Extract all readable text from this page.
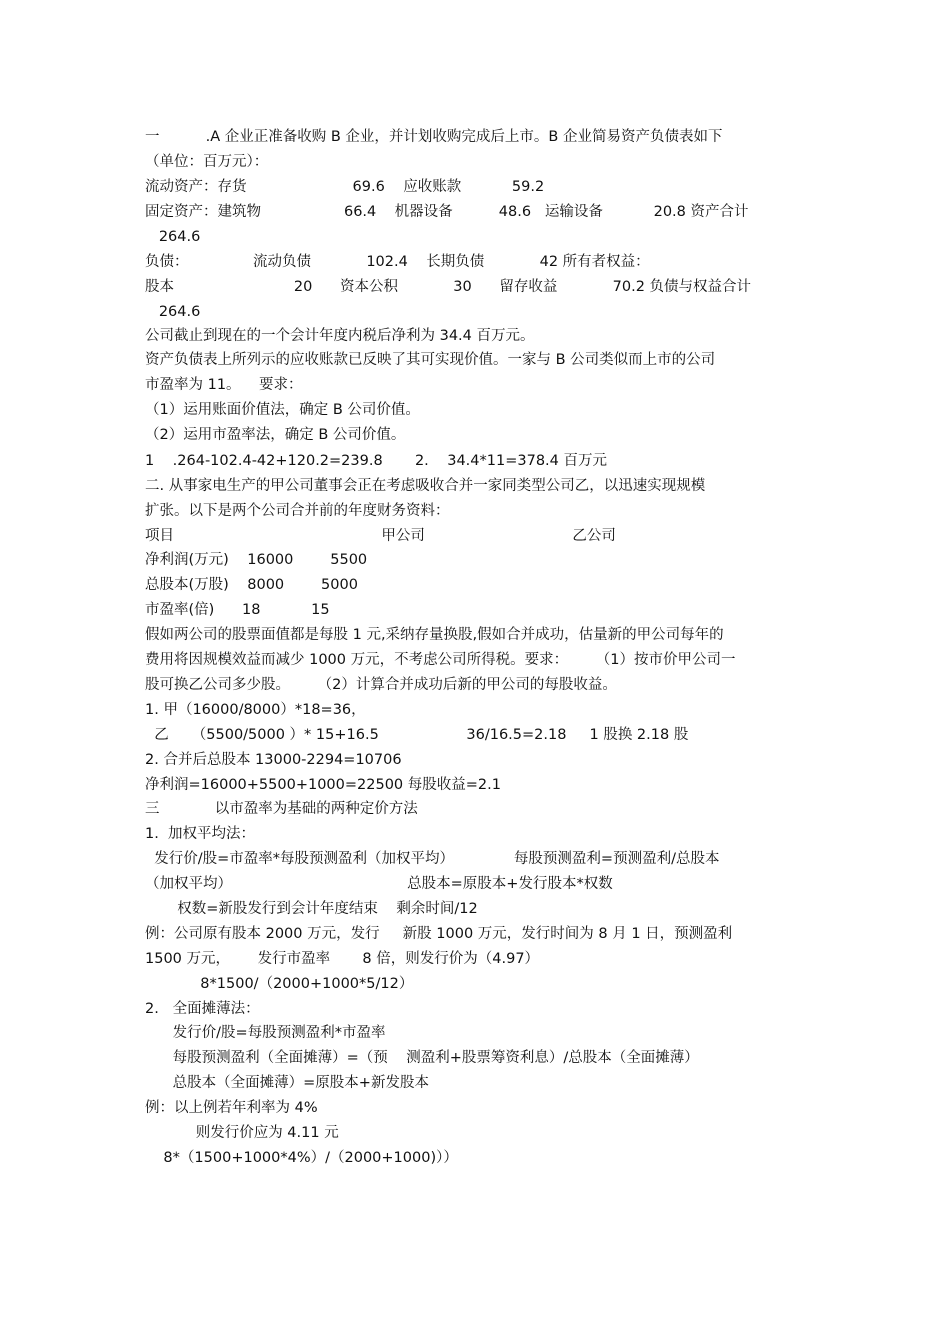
一          .A 企业正准备收购 B 企业，并计划收购完成后上市。B 企业简易资产负债表如下
（单位：百万元）：
流动资产：存货                       69.6    应收账款           59.2
固定资产：建筑物                  66.4    机器设备          48.6   运输设备           20.8 资产合计
264.6
负债：              流动负债            102.4    长期负债            42 所有者权益：
股本                          20      资本公积            30      留存收益            70.2 负债与权益合计
264.6
公司截止到现在的一个会计年度内税后净利为 34.4 百万元。
资产负债表上所列示的应收账款已反映了其可实现价值。一家与 B 公司类似而上市的公司
市盈率为 11。    要求：
（1）运用账面价值法，确定 B 公司价值。
（2）运用市盈率法，确定 B 公司价值。
1    .264-102.4-42+120.2=239.8       2.    34.4*11=378.4 百万元
二. 从事家电生产的甲公司董事会正在考虑吸收合并一家同类型公司乙，以迅速实现规模
扩张。以下是两个公司合并前的年度财务资料：
项目                                             甲公司                                乙公司
净利润(万元)    16000        5500
总股本(万股)    8000        5000
市盈率(倍)      18           15
假如两公司的股票面值都是每股 1 元,采纳存量换股,假如合并成功，估量新的甲公司每年的
费用将因规模效益而减少 1000 万元，不考虑公司所得税。要求：      （1）按市价甲公司一
股可换乙公司多少股。      （2）计算合并成功后新的甲公司的每股收益。
1. 甲（16000/8000）*18=36，
乙     （5500/5000 ）* 15+16.5                   36/16.5=2.18     1 股换 2.18 股
2. 合并后总股本 13000-2294=10706
净利润=16000+5500+1000=22500 每股收益=2.1
三            以市盈率为基础的两种定价方法
1.  加权平均法：
发行价/股=市盈率*每股预测盈利（加权平均）             每股预测盈利=预测盈利/总股本
（加权平均）                                      总股本=原股本+发行股本*权数
权数=新股发行到会计年度结束    剩余时间/12
例：公司原有股本 2000 万元，发行     新股 1000 万元，发行时间为 8 月 1 日，预测盈利
1500 万元，      发行市盈率       8 倍，则发行价为（4.97）
8*1500/（2000+1000*5/12）
2.   全面摊薄法：
发行价/股=每股预测盈利*市盈率
每股预测盈利（全面摊薄）=（预    测盈利+股票筹资利息）/总股本（全面摊薄）
总股本（全面摊薄）=原股本+新发股本
例：以上例若年利率为 4%
则发行价应为 4.11 元
8*（1500+1000*4%）/（2000+1000)））
